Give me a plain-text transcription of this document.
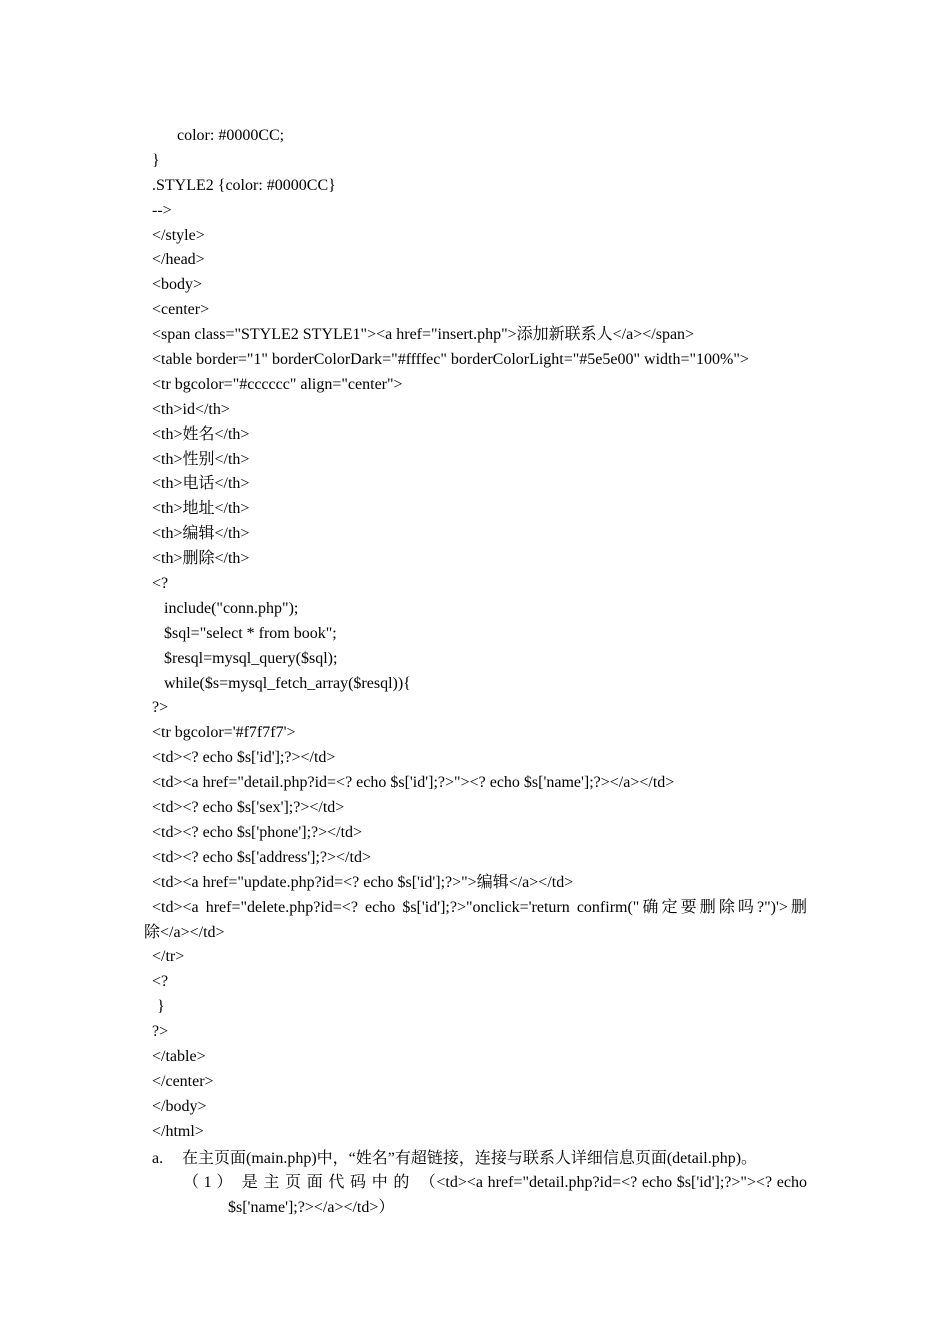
color: #0000CC;
}
.STYLE2 {color: #0000CC}
-->
</style>
</head>
<body>
<center>
<span class="STYLE2 STYLE1"><a href="insert.php">添加新联系人</a></span>
<table border="1" borderColorDark="#ffffec" borderColorLight="#5e5e00" width="100%">
<tr bgcolor="#cccccc" align="center">
<th>id</th>
<th>姓名</th>
<th>性别</th>
<th>电话</th>
<th>地址</th>
<th>编辑</th>
<th>删除</th>
<?
include("conn.php");
$sql="select * from book";
$resql=mysql_query($sql);
while($s=mysql_fetch_array($resql)){
?>
<tr bgcolor='#f7f7f7'>
<td><? echo $s['id'];?></td>
<td><a href="detail.php?id=<? echo $s['id'];?>"><? echo $s['name'];?></a></td>
<td><? echo $s['sex'];?></td>
<td><? echo $s['phone'];?></td>
<td><? echo $s['address'];?></td>
<td><a href="update.php?id=<? echo $s['id'];?>">编辑</a></td>
<td><a href="delete.php?id=<? echo $s['id'];?>"onclick='return confirm("确定要删除吗?")'>删
除</a></td>
</tr>
<?
}
?>
</table>
</center>
</body>
</html>
a. 在主页面(main.php)中，“姓名”有超链接，连接与联系人详细信息页面(detail.php)。
（1） 是主页面代码中的 （<td><a href="detail.php?id=<? echo $s['id'];?>"><? echo
$s['name'];?></a></td>）
